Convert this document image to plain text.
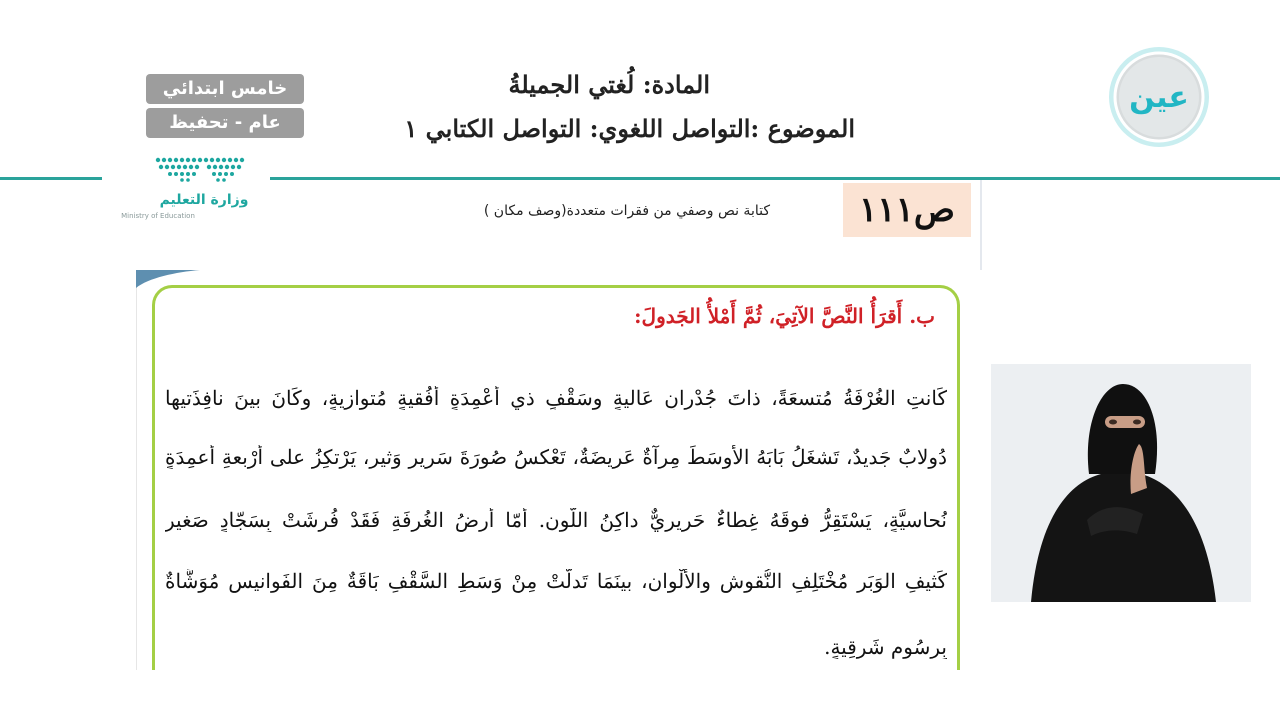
خامس ابتدائي
عام - تحفيظ
المادة: لُغتي الجميلةُ
الموضوع :التواصل اللغوي: التواصل الكتابي ١
وزارة التعليم
Ministry of Education
عين
ص١١١
كتابة نص وصفي من فقرات متعددة(وصف مكان )
ب. أَقرَأُ النَّصَّ الآتِيَ، ثُمَّ أَمْلأُ الجَدولَ:
كَانتِ الغُرْفَةُ مُتسعَةً، ذاتَ جُدْرانٍ عَاليةٍ وسَقْفٍ ذي أعْمِدَةٍ أُفُقيةٍ مُتوازيةٍ، وكَانَ بينَ نافِذَتيها
دُولابٌ جَديدٌ، تَشغَلُ بَابَهُ الأوسَطَ مِرآةٌ عَريضَةٌ، تَعْكسُ صُورَةَ سَريرٍ وَثيرٍ، يَرْتكِزُ على أَرْبعةِ أعمِدَةٍ
نُحاسيَّةٍ، يَسْتَقِرُّ فوقَهُ غِطاءٌ حَريريٌّ داكِنُ اللَّونِ. أمّا أرضُ الغُرفَةِ فَقَدْ فُرِشَتْ بِسَجّادٍ صَغيرٍ
كَثيفِ الوَبَرِ مُخْتَلِفِ النُّقوشِ والأَلْوانِ، بينَمَا تَدلَّتْ مِنْ وَسَطِ السَّقْفِ بَاقَةٌ مِنَ الفَوانيسِ مُوَشَّاةٌ
بِرسُومٍ شَرقِيةٍ.
